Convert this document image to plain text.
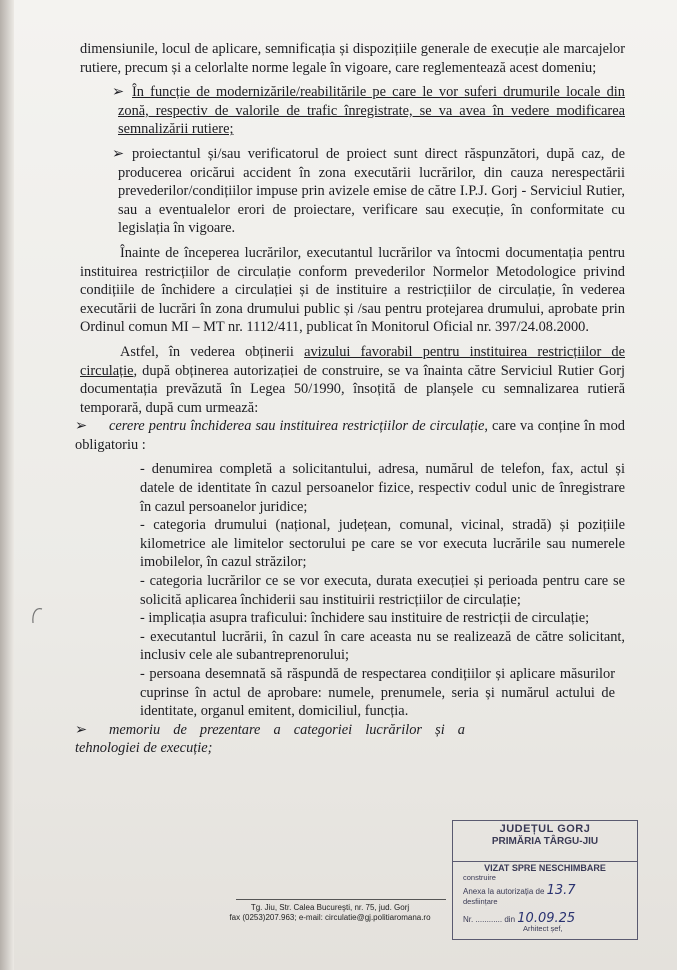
dimensiunile, locul de aplicare, semnificația și dispozițiile generale de execuție ale marcajelor rutiere, precum și a celorlalte norme legale în vigoare, care reglementează acest domeniu;

➢ În funcție de modernizările/reabilitările pe care le vor suferi drumurile locale din zonă, respectiv de valorile de trafic înregistrate, se va avea în vedere modificarea semnalizării rutiere;

➢ proiectantul și/sau verificatorul de proiect sunt direct răspunzători, după caz, de producerea oricărui accident în zona executării lucrărilor, din cauza nerespectării prevederilor/condițiilor impuse prin avizele emise de către I.P.J. Gorj - Serviciul Rutier, sau a eventualelor erori de proiectare, verificare sau execuție, în conformitate cu legislația în vigoare.

Înainte de începerea lucrărilor, executantul lucrărilor va întocmi documentația pentru instituirea restricțiilor de circulație conform prevederilor Normelor Metodologice privind condițiile de închidere a circulației și de instituire a restricțiilor de circulație, în vederea executării de lucrări în zona drumului public și /sau pentru protejarea drumului, aprobate prin Ordinul comun MI – MT nr. 1112/411, publicat în Monitorul Oficial nr. 397/24.08.2000.

Astfel, în vederea obținerii avizului favorabil pentru instituirea restricțiilor de circulație, după obținerea autorizației de construire, se va înainta către Serviciul Rutier Gorj documentația prevăzută în Legea 50/1990, însoțită de planșele cu semnalizarea rutieră temporară, după cum urmează:

➢ cerere pentru închiderea sau instituirea restricțiilor de circulație, care va conține în mod obligatoriu :

- denumirea completă a solicitantului, adresa, numărul de telefon, fax, actul și datele de identitate în cazul persoanelor fizice, respectiv codul unic de înregistrare în cazul persoanelor juridice;

- categoria drumului (național, județean, comunal, vicinal, stradă) și pozițiile kilometrice ale limitelor sectorului pe care se vor executa lucrările sau numerele imobilelor, în cazul străzilor;

- categoria lucrărilor ce se vor executa, durata execuției și perioada pentru care se solicită aplicarea închiderii sau instituirii restricțiilor de circulație;

- implicația asupra traficului: închidere sau instituire de restricții de circulație;

- executantul lucrării, în cazul în care aceasta nu se realizează de către solicitant, inclusiv cele ale subantreprenorului;

- persoana desemnată să răspundă de respectarea condițiilor și aplicare măsurilor cuprinse în actul de aprobare: numele, prenumele, seria și numărul actului de identitate, organul emitent, domiciliul, funcția.

➢ memoriu de prezentare a categoriei lucrărilor și a tehnologiei de execuție;

Tg. Jiu, Str. Calea Bucureşti, nr. 75, jud. Gorj
fax (0253)207.963; e-mail: circulatie@gj.politiaromana.ro
JUDEȚUL GORJ
PRIMĂRIA TÂRGU-JIU
VIZAT SPRE NESCHIMBARE
construire
Anexa la autorizația de 13.7
desființare
Nr. ............ din 10.09.25
Arhitect șef,
